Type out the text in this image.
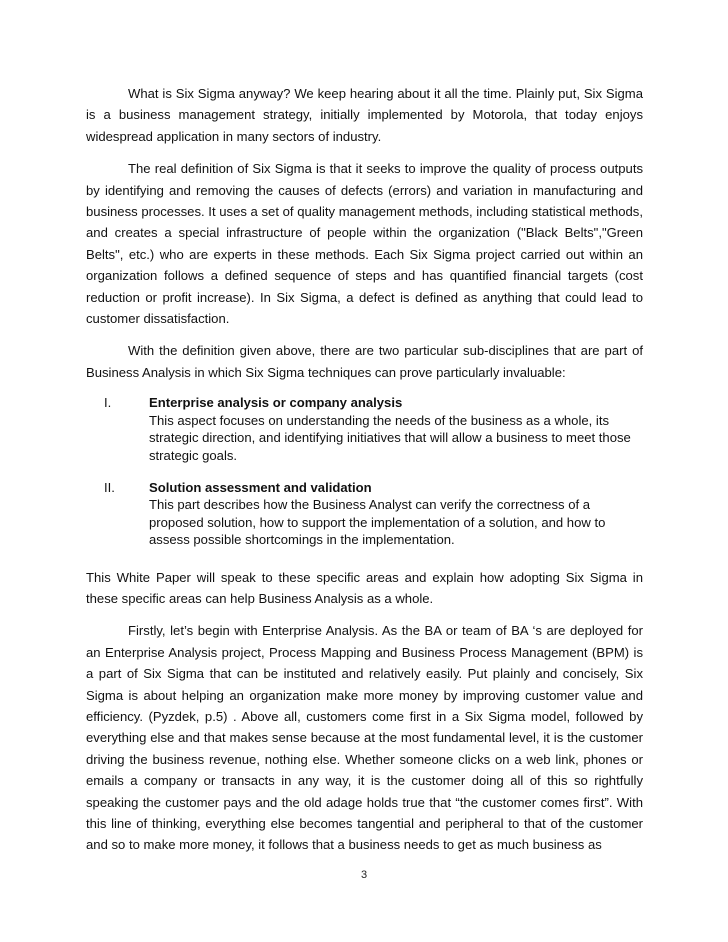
What is Six Sigma anyway? We keep hearing about it all the time. Plainly put, Six Sigma is a business management strategy, initially implemented by Motorola, that today enjoys widespread application in many sectors of industry.

The real definition of Six Sigma is that it seeks to improve the quality of process outputs by identifying and removing the causes of defects (errors) and variation in manufacturing and business processes. It uses a set of quality management methods, including statistical methods, and creates a special infrastructure of people within the organization ("Black Belts","Green Belts", etc.) who are experts in these methods. Each Six Sigma project carried out within an organization follows a defined sequence of steps and has quantified financial targets (cost reduction or profit increase). In Six Sigma, a defect is defined as anything that could lead to customer dissatisfaction.

With the definition given above, there are two particular sub-disciplines that are part of Business Analysis in which Six Sigma techniques can prove particularly invaluable:

I.	Enterprise analysis or company analysis
This aspect focuses on understanding the needs of the business as a whole, its strategic direction, and identifying initiatives that will allow a business to meet those strategic goals.
II.	Solution assessment and validation
This part describes how the Business Analyst can verify the correctness of a proposed solution, how to support the implementation of a solution, and how to assess possible shortcomings in the implementation.

This White Paper will speak to these specific areas and explain how adopting Six Sigma in these specific areas can help Business Analysis as a whole.

Firstly, let’s begin with Enterprise Analysis. As the BA or team of BA ‘s are deployed for an Enterprise Analysis project, Process Mapping and Business Process Management (BPM) is a part of Six Sigma that can be instituted and relatively easily. Put plainly and concisely, Six Sigma is about helping an organization make more money by improving customer value and efficiency. (Pyzdek, p.5) . Above all, customers come first in a Six Sigma model, followed by everything else and that makes sense because at the most fundamental level, it is the customer driving the business revenue, nothing else. Whether someone clicks on a web link, phones or emails a company or transacts in any way, it is the customer doing all of this so rightfully speaking the customer pays and the old adage holds true that “the customer comes first”. With this line of thinking, everything else becomes tangential and peripheral to that of the customer and so to make more money, it follows that a business needs to get as much business as

3
